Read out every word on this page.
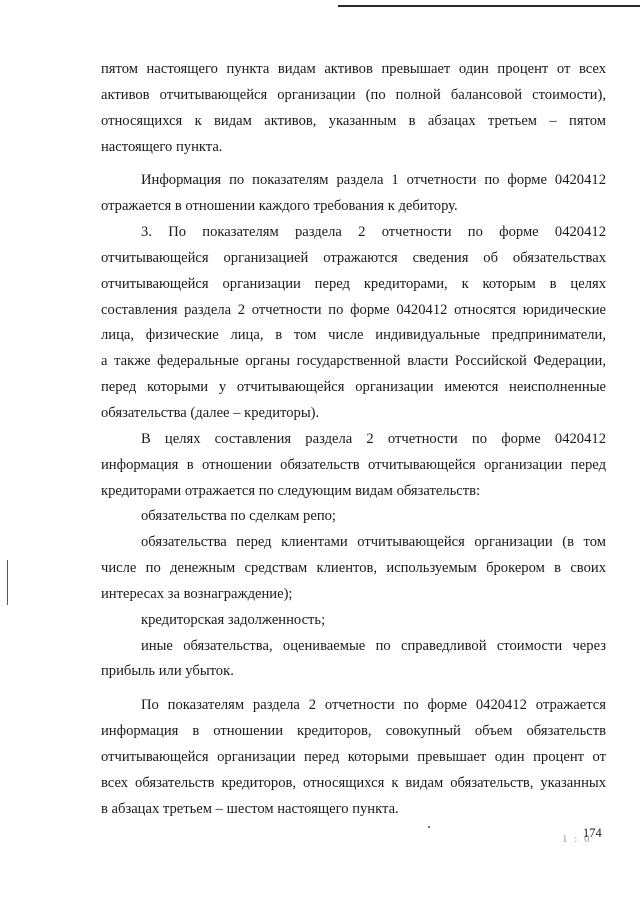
пятом настоящего пункта видам активов превышает один процент от всех
активов отчитывающейся организации (по полной балансовой стоимости),
относящихся к видам активов, указанным в абзацах третьем – пятом
настоящего пункта.
Информация по показателям раздела 1 отчетности по форме 0420412
отражается в отношении каждого требования к дебитору.
3. По показателям раздела 2 отчетности по форме 0420412
отчитывающейся организацией отражаются сведения об обязательствах
отчитывающейся организации перед кредиторами, к которым в целях
составления раздела 2 отчетности по форме 0420412 относятся юридические
лица, физические лица, в том числе индивидуальные предприниматели,
а также федеральные органы государственной власти Российской Федерации,
перед которыми у отчитывающейся организации имеются неисполненные
обязательства (далее – кредиторы).
В целях составления раздела 2 отчетности по форме 0420412
информация в отношении обязательств отчитывающейся организации перед
кредиторами отражается по следующим видам обязательств:
обязательства по сделкам репо;
обязательства перед клиентами отчитывающейся организации (в том
числе по денежным средствам клиентов, используемым брокером в своих
интересах за вознаграждение);
кредиторская задолженность;
иные обязательства, оцениваемые по справедливой стоимости через
прибыль или убыток.
По показателям раздела 2 отчетности по форме 0420412 отражается
информация в отношении кредиторов, совокупный объем обязательств
отчитывающейся организации перед которыми превышает один процент от
всех обязательств кредиторов, относящихся к видам обязательств, указанных
в абзацах третьем – шестом настоящего пункта.
1 : 0
174
